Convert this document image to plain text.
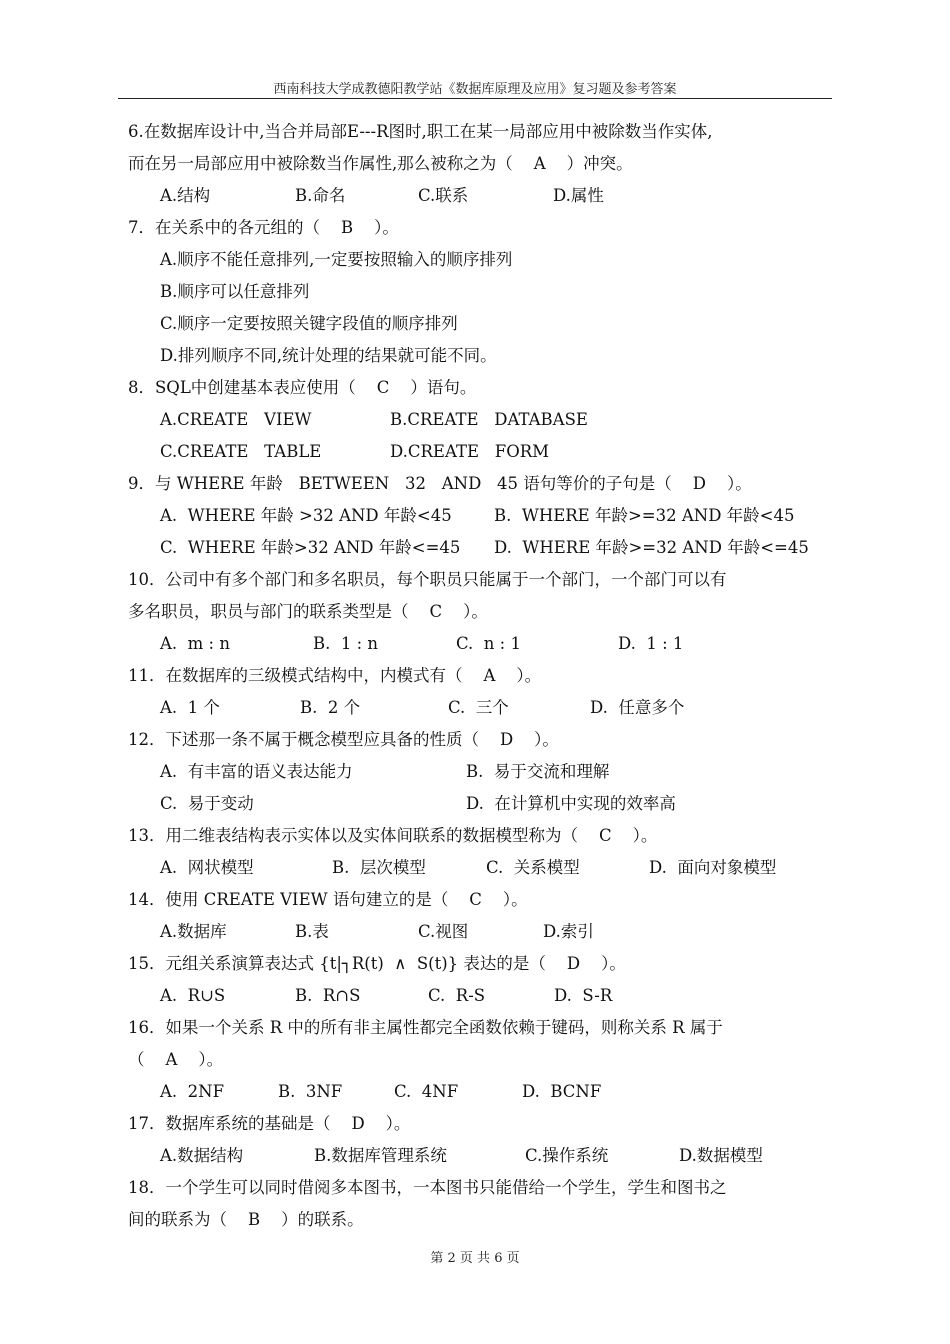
西南科技大学成教德阳教学站《数据库原理及应用》复习题及参考答案
6.在数据库设计中,当合并局部E---R图时,职工在某一局部应用中被除数当作实体,
而在另一局部应用中被除数当作属性,那么被称之为（    A    ）冲突。
A.结构	B.命名	C.联系	D.属性
7．在关系中的各元组的（    B    ）。
A.顺序不能任意排列,一定要按照输入的顺序排列
B.顺序可以任意排列
C.顺序一定要按照关键字段值的顺序排列
D.排列顺序不同,统计处理的结果就可能不同。
8．SQL中创建基本表应使用（    C    ）语句。
A.CREATE   VIEW	B.CREATE   DATABASE
C.CREATE   TABLE	D.CREATE   FORM
9．与 WHERE 年龄   BETWEEN   32   AND   45 语句等价的子句是（    D    ）。
A.  WHERE 年龄 >32 AND 年龄<45	B.  WHERE 年龄>=32 AND 年龄<45
C.  WHERE 年龄>32 AND 年龄<=45 D.  WHERE 年龄>=32 AND 年龄<=45
10．公司中有多个部门和多名职员，每个职员只能属于一个部门，一个部门可以有
多名职员，职员与部门的联系类型是（    C    ）。
A.  m : n	B.  1 : n	C.  n : 1	D.  1 : 1
11．在数据库的三级模式结构中，内模式有（    A    ）。
A.  1 个	B.  2 个	C.  三个	D.  任意多个
12．下述那一条不属于概念模型应具备的性质（    D    ）。
A.  有丰富的语义表达能力	B.  易于交流和理解
C.  易于变动	D.  在计算机中实现的效率高
13．用二维表结构表示实体以及实体间联系的数据模型称为（    C    ）。
A.  网状模型	B.  层次模型	C.  关系模型	D.  面向对象模型
14．使用 CREATE VIEW 语句建立的是（    C    ）。
A.数据库	B.表	C.视图	D.索引
15．元组关系演算表达式 {t|┐R(t)  ∧  S(t)} 表达的是（    D    ）。
A.  R∪S	B.  R∩S	C.  R-S	D.  S-R
16．如果一个关系 R 中的所有非主属性都完全函数依赖于键码，则称关系 R 属于
（    A    ）。
A.  2NF	B.  3NF	C.  4NF	D.  BCNF
17．数据库系统的基础是（    D    ）。
A.数据结构	B.数据库管理系统	C.操作系统	D.数据模型
18．一个学生可以同时借阅多本图书，一本图书只能借给一个学生，学生和图书之
间的联系为（    B    ）的联系。
第 2 页 共 6 页
